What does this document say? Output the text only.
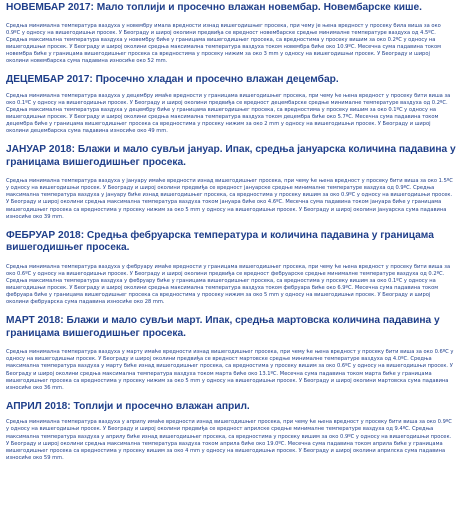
НОВЕМБАР 2017: Мало топлији и просечно влажан новембар. Новембарске кише.
Средња минимална температура ваздуха у новембру имала вредности изнад вишегодишњег просека, при чему је њена вредност у просеку била виша за око 0.9ºC у односу на вишегодишњи просек. У Београду и широј околини предвиђа се вредност новембарске средње минималне температуре ваздуха од 4.5ºC. Средња максимална температура ваздуха у новембру биће у границама вишегодишњег просека, са вредностима у просеку вишим за око 0.2ºC у односу на вишегодишњи просек. У Београду и широј околини средња максимална температура ваздуха током новембра биће око 10.9ºC. Месечна сума падавина током новембра биће у границама вишегодишњег просека са вредностима у просеку нижим за око 3 mm у односу на вишегодишњи просек. У Београду и широј околини новембарска сума падавина износиће око 52 mm.
ДЕЦЕМБАР 2017: Просечно хладан и просечно влажан децембар.
Средња минимална температура ваздуха у децембру имаће вредности у границама вишегодишњег просека, при чему ће њена вредност у просеку бити виша за око 0.1ºC у односу на вишегодишњи просек. У Београду и широј околини предвиђа се вредност децембарске средње минималне температуре ваздуха од 0.2ºC. Средња максимална температура ваздуха у децембру биће у границама вишегодишњег просека, са вредностима у просеку вишим за око 0.1ºC у односу на вишегодишњи просек. У Београду и широј околини средња максимална температура ваздуха током децембра биће око 5.7ºC. Месечна сума падавина током децембра биће у границама вишегодишњег просека са вредностима у просеку нижим за око 2 mm у односу на вишегодишњи просек. У Београду и широј околини децембарска сума падавина износиће око 49 mm.
ЈАНУАР 2018: Блажи и мало сувљи јануар. Ипак, средња јануарска количина падавина у границама вишегодишњег просека.
Средња минимална температура ваздуха у јануару имаће вредности изнад вишегодишњег просека, при чему ће њена вредност у просеку бити виша за око 1.5ºC у односу на вишегодишњи просек. У Београду и широј околини предвиђа се вредност јануарске средње минималне температуре ваздуха од 0.9ºC. Средња максимална температура ваздуха у јануару биће изнад вишегодишњег просека, са вредностима у просеку вишим за око 0.9ºC у односу на вишегодишњи просек. У Београду и широј околини средња максимална температура ваздуха током јануара биће око 4.6ºC. Месечна сума падавина током јануара биће у границама вишегодишњег просека са вредностима у просеку нижим за око 5 mm у односу на вишегодишњи просек. У Београду и широј околини јануарска сума падавина износиће око 39 mm.
ФЕБРУАР 2018: Средња фебруарска температура и количина падавина у границама вишегодишњег просека.
Средња минимална температура ваздуха у фебруару имаће вредности у границама вишегодишњег просека, при чему ће њена вредност у просеку бити виша за око 0.6ºC у односу на вишегодишњи просек. У Београду и широј околини предвиђа се вредност фебруарске средње минималне температуре ваздуха од 0.2ºC. Средња максимална температура ваздуха у фебруару биће у границама вишегодишњег просека, са вредностима у просеку вишим за око 0.1ºC у односу на вишегодишњи просек. У Београду и широј околини средња максимална температура ваздуха током фебруара биће око 6.9ºC. Месечна сума падавина током фебруара биће у границама вишегодишњег просека са вредностима у просеку нижим за око 5 mm у односу на вишегодишњи просек. У Београду и широј околини фебруарска сума падавина износиће око 28 mm.
МАРТ 2018: Блажи и мало сувљи март. Ипак, средња мартовска количина падавина у границама вишегодишњег просека.
Средња минимална температура ваздуха у марту имаће вредности изнад вишегодишњег просека, при чему ће њена вредност у просеку бити виша за око 0.6ºC у односу на вишегодишњи просек. У Београду и широј околини предвиђа се вредност мартовске средње минималне температуре ваздуха од 4.0ºC. Средња максимална температура ваздуха у марту биће изнад вишегодишњег просека, са вредностима у просеку вишим за око 0.6ºC у односу на вишегодишњи просек. У Београду и широј околини средња максимална температура ваздуха током марта биће око 13.1ºC. Месечна сума падавина током марта биће у границама вишегодишњег просека са вредностима у просеку нижим за око 5 mm у односу на вишегодишњи просек. У Београду и широј околини мартовска сума падавина износиће око 36 mm.
АПРИЛ 2018: Топлији и просечно влажан април.
Средња минимална температура ваздуха у априлу имаће вредности изнад вишегодишњег просека, при чему ће њена вредност у просеку бити виша за око 0.9ºC у односу на вишегодишњи просек. У Београду и широј околини предвиђа се вредност априлске средње минималне температуре ваздуха од 9.4ºC. Средња максимална температура ваздуха у априлу биће изнад вишегодишњег просека, са вредностима у просеку вишим за око 0.9ºC у односу на вишегодишњи просек. У Београду и широј околини средња максимална температура ваздуха током априла биће око 19.0ºC. Месечна сума падавина током априла биће у границама вишегодишњег просека са вредностима у просеку вишим за око 4 mm у односу на вишегодишњи просек. У Београду и широј околини априлска сума падавина износиће око 59 mm.
